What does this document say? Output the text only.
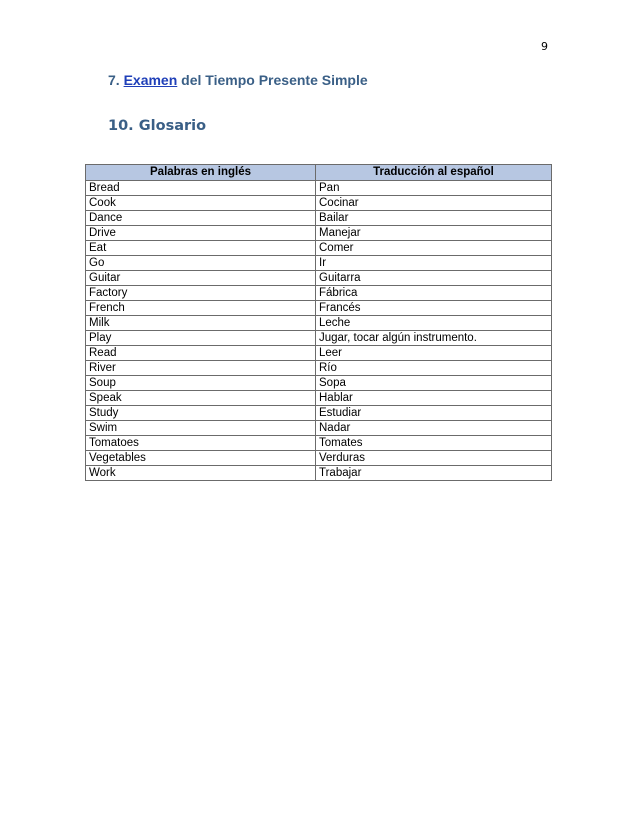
9
7. Examen del Tiempo Presente Simple
10. Glosario
Palabras en inglés	Traducción al español
Bread	Pan
Cook	Cocinar
Dance	Bailar
Drive	Manejar
Eat	Comer
Go	Ir
Guitar	Guitarra
Factory	Fábrica
French	Francés
Milk	Leche
Play	Jugar, tocar algún instrumento.
Read	Leer
River	Río
Soup	Sopa
Speak	Hablar
Study	Estudiar
Swim	Nadar
Tomatoes	Tomates
Vegetables	Verduras
Work	Trabajar
